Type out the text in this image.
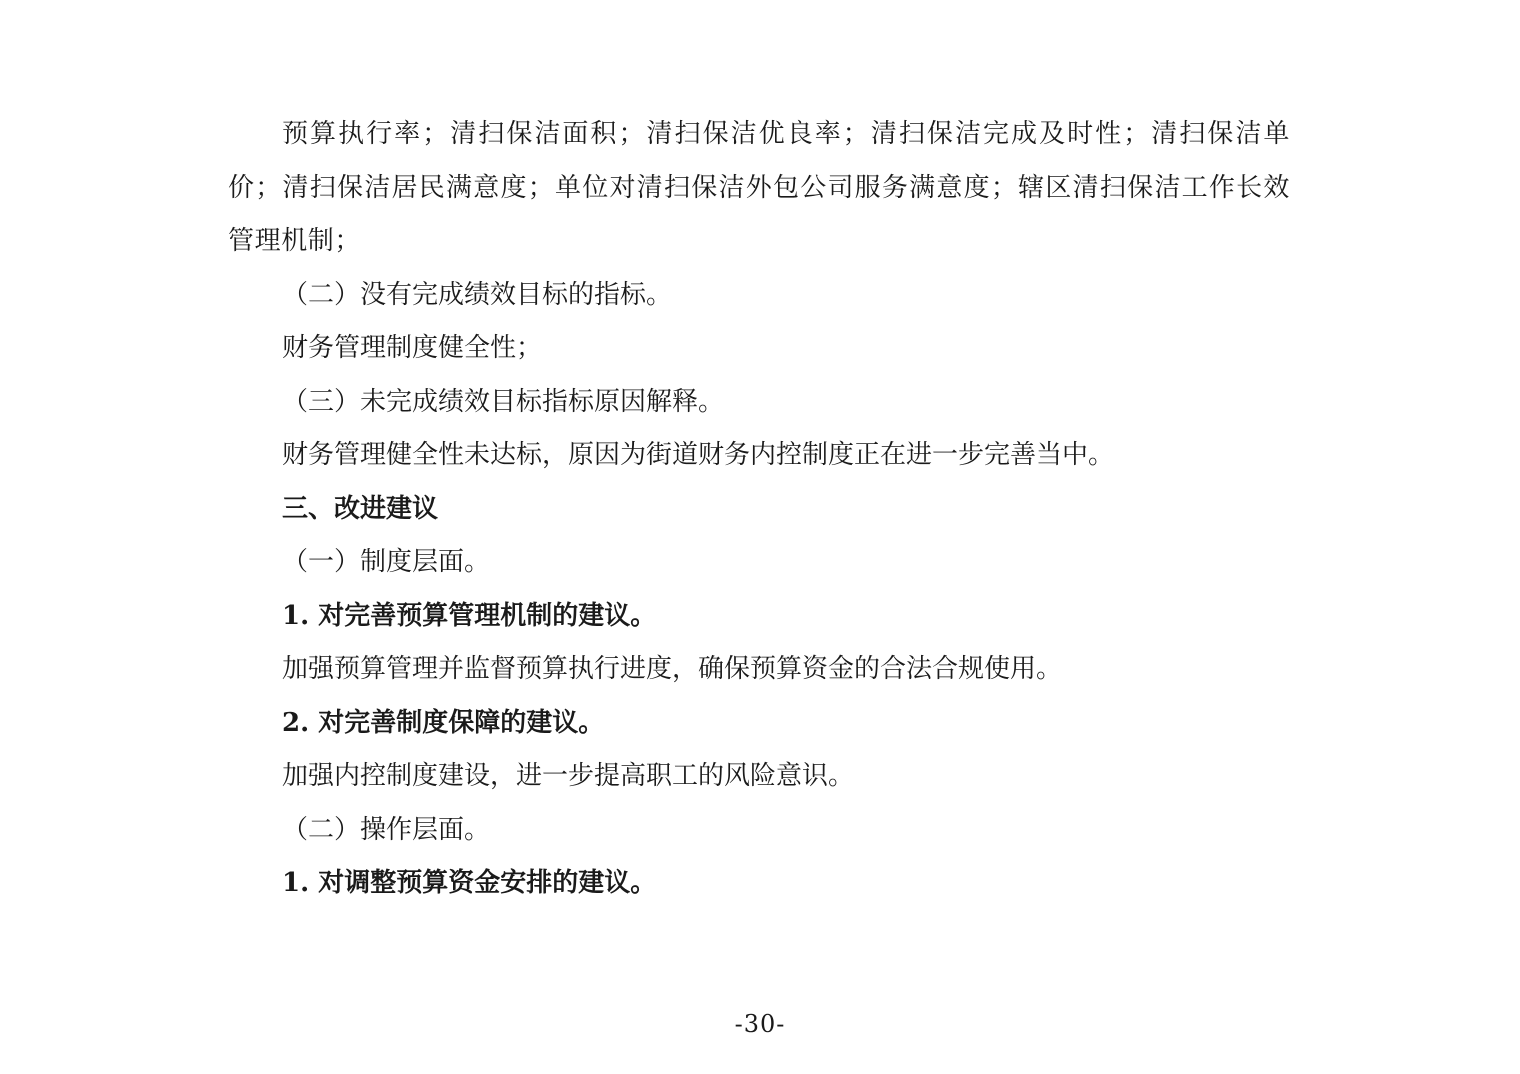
预算执行率；清扫保洁面积；清扫保洁优良率；清扫保洁完成及时性；清扫保洁单价；清扫保洁居民满意度；单位对清扫保洁外包公司服务满意度；辖区清扫保洁工作长效管理机制；

（二）没有完成绩效目标的指标。

财务管理制度健全性；

（三）未完成绩效目标指标原因解释。

财务管理健全性未达标，原因为街道财务内控制度正在进一步完善当中。

三、改进建议

（一）制度层面。

1. 对完善预算管理机制的建议。

加强预算管理并监督预算执行进度，确保预算资金的合法合规使用。

2. 对完善制度保障的建议。

加强内控制度建设，进一步提高职工的风险意识。

（二）操作层面。

1. 对调整预算资金安排的建议。

-30-
